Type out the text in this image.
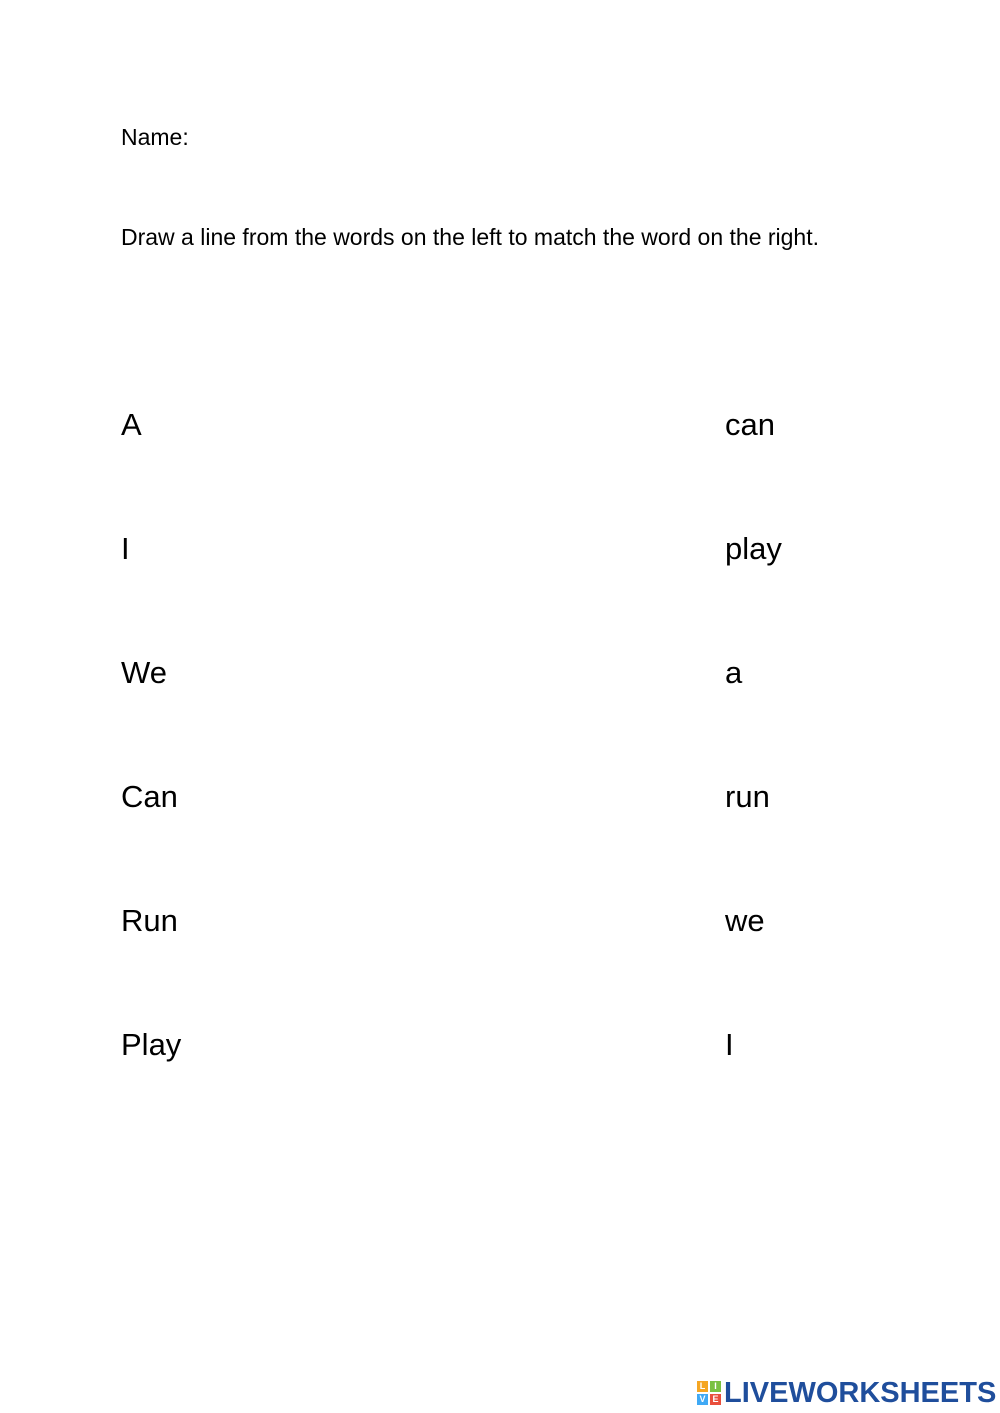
Name:
Draw a line from the words on the left to match the word on the right.
A	can
I	play
We	a
Can	run
Run	we
Play	I
L I
V E LIVEWORKSHEETS
